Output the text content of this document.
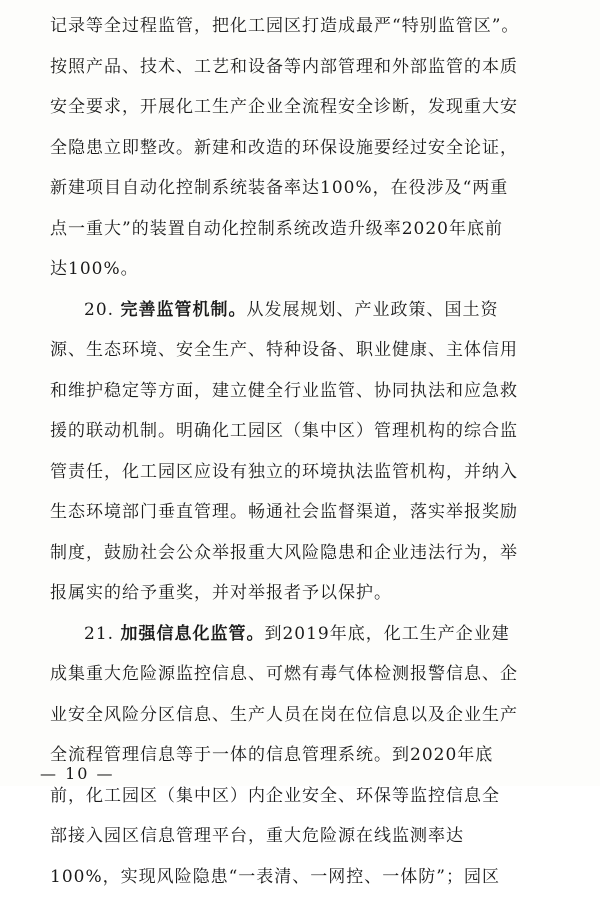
记录等全过程监管，把化工园区打造成最严“特别监管区”。
按照产品、技术、工艺和设备等内部管理和外部监管的本质
安全要求，开展化工生产企业全流程安全诊断，发现重大安
全隐患立即整改。新建和改造的环保设施要经过安全论证，
新建项目自动化控制系统装备率达100%，在役涉及“两重
点一重大”的装置自动化控制系统改造升级率2020年底前
达100%。
20. 完善监管机制。从发展规划、产业政策、国土资
源、生态环境、安全生产、特种设备、职业健康、主体信用
和维护稳定等方面，建立健全行业监管、协同执法和应急救
援的联动机制。明确化工园区（集中区）管理机构的综合监
管责任，化工园区应设有独立的环境执法监管机构，并纳入
生态环境部门垂直管理。畅通社会监督渠道，落实举报奖励
制度，鼓励社会公众举报重大风险隐患和企业违法行为，举
报属实的给予重奖，并对举报者予以保护。
21. 加强信息化监管。到2019年底，化工生产企业建
成集重大危险源监控信息、可燃有毒气体检测报警信息、企
业安全风险分区信息、生产人员在岗在位信息以及企业生产
全流程管理信息等于一体的信息管理系统。到2020年底
前，化工园区（集中区）内企业安全、环保等监控信息全
部接入园区信息管理平台，重大危险源在线监测率达
100%，实现风险隐患“一表清、一网控、一体防”；园区
— 10 —
